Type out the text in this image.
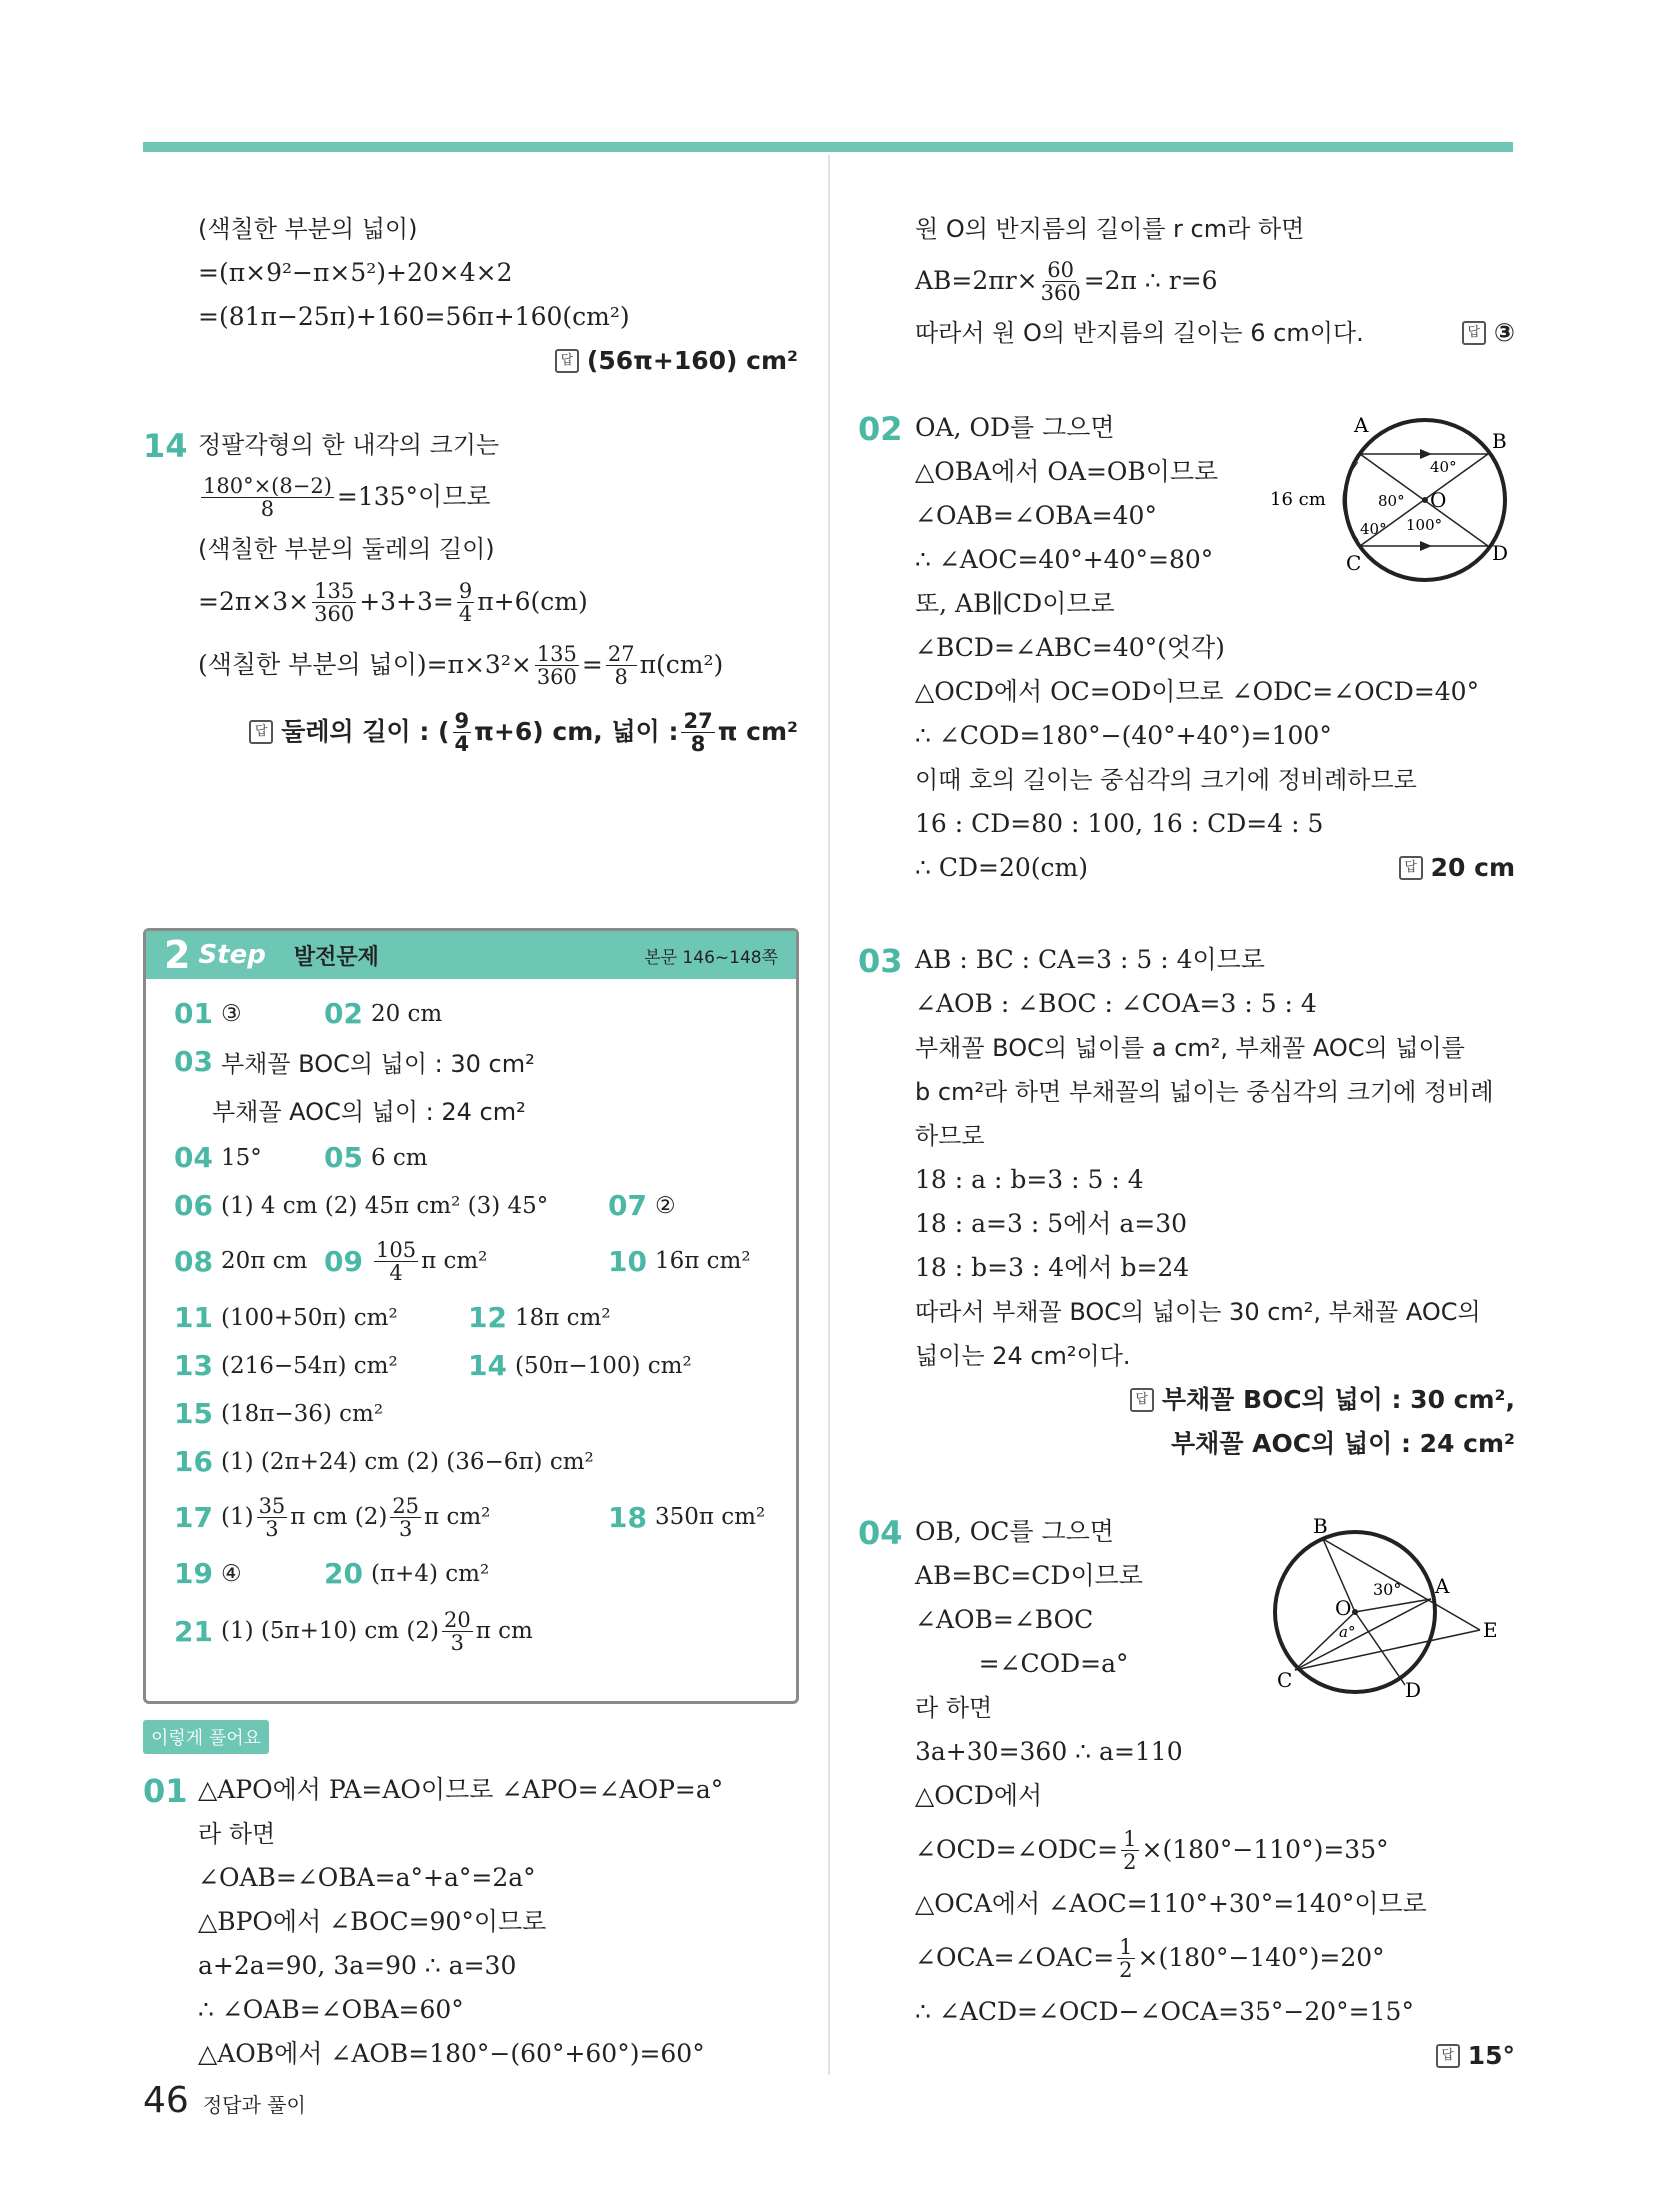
(색칠한 부분의 넓이)
=(π×9²−π×5²)+20×4×2
=(81π−25π)+160=56π+160(cm²)
답 (56π+160) cm²
14 정팔각형의 한 내각의 크기는
$\frac{180^\circ\times(8-2)}{8} =135^\circ$이므로
(색칠한 부분의 둘레의 길이)
$=2\pi\times 3\times \frac{135}{360} +3+3= \frac{9}{4} \pi+6(cm)$
(색칠한 부분의 넓이)$=\pi\times 3^2\times \frac{135}{360} = \frac{27}{8} \pi(cm^2)$
답 둘레의 길이 : ( $\frac{9}{4} \pi+6$) cm, 넓이 : $\frac{27}{8}$ π cm²
2 Step 발전문제	본문 146~148쪽
01 ③	02 20 cm
03 부채꼴 BOC의 넓이 : 30 cm²
부채꼴 AOC의 넓이 : 24 cm²
04 15° 05 6 cm
06 (1) 4 cm (2) 45π cm² (3) 45° 07 ②
08 20π cm $09 \frac{105}{4}$ π cm²	10 16π cm²
11 (100+50π) cm²	12 18π cm²
13 (216−54π) cm²	14 (50π−100) cm²
15 (18π−36) cm²
16 (1) (2π+24) cm (2) (36−6π) cm²
17 $(1) \frac{35}{3}$ π cm $(2) \frac{25}{3}$ π cm²	18 350π cm²
19 ④	20 (π+4) cm²
21 (1) (5π+10) cm $(2) \frac{20}{3}$ π cm
이렇게 풀어요
01 △APO에서 PA=AO이므로 ∠APO=∠AOP=a°
라 하면
∠OAB=∠OBA=a°+a°=2a°
△BPO에서 ∠BOC=90°이므로
a+2a=90, 3a=90 ∴ a=30
∴ ∠OAB=∠OBA=60°
△AOB에서 ∠AOB=180°−(60°+60°)=60°
원 O의 반지름의 길이를 r cm라 하면
$AB=2\pi r\times \frac{60}{360} =2\pi$ ∴ r=6
따라서 원 O의 반지름의 길이는 6 cm이다.	답 ③
02 OA, OD를 그으면
△OBA에서 OA=OB이므로
∠OAB=∠OBA=40°
∴ ∠AOC=40°+40°=80°
또, AB∥CD이므로
∠BCD=∠ABC=40°(엇각)
△OCD에서 OC=OD이므로 ∠ODC=∠OCD=40°
∴ ∠COD=180°−(40°+40°)=100°
이때 호의 길이는 중심각의 크기에 정비례하므로
16 : CD=80 : 100, 16 : CD=4 : 5
∴ CD=20(cm)	답 20 cm
A
B
C	D
O
16 cm
40°
80°
40° 100°
03 AB : BC : CA=3 : 5 : 4이므로
∠AOB : ∠BOC : ∠COA=3 : 5 : 4
부채꼴 BOC의 넓이를 a cm², 부채꼴 AOC의 넓이를
b cm²라 하면 부채꼴의 넓이는 중심각의 크기에 정비례
하므로
18 : a : b=3 : 5 : 4
18 : a=3 : 5에서 a=30
18 : b=3 : 4에서 b=24
따라서 부채꼴 BOC의 넓이는 30 cm², 부채꼴 AOC의
넓이는 24 cm²이다.
답 부채꼴 BOC의 넓이 : 30 cm²,
부채꼴 AOC의 넓이 : 24 cm²
04 OB, OC를 그으면
AB=BC=CD이므로
∠AOB=∠BOC
=∠COD=a°
라 하면
3a+30=360 ∴ a=110
△OCD에서
∠OCD=∠ODC= $\frac{1}{2} \times(180^\circ-110^\circ)=35^\circ$
△OCA에서 ∠AOC=110°+30°=140°이므로
∠OCA=∠OAC= $\frac{1}{2} \times(180^\circ-140^\circ)=20^\circ$
∴ ∠ACD=∠OCD−∠OCA=35°−20°=15°
답 15°
B
A
C	D
E
O
30°
a°
46 정답과 풀이
